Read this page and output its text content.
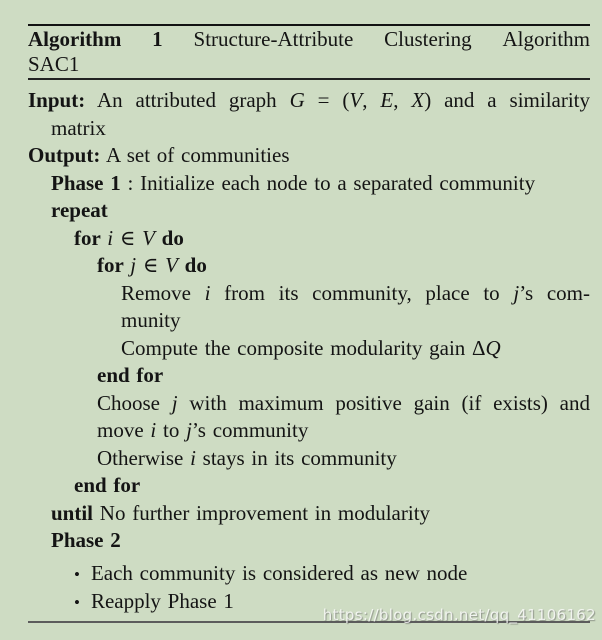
Algorithm 1 Structure-Attribute Clustering Algorithm
SAC1
Input: An attributed graph G = (V, E, X) and a similarity
matrix
Output: A set of communities
Phase 1 : Initialize each node to a separated community
repeat
for i ∈ V do
for j ∈ V do
Remove i from its community, place to j’s com-
munity
Compute the composite modularity gain ΔQ
end for
Choose j with maximum positive gain (if exists) and
move i to j’s community
Otherwise i stays in its community
end for
until No further improvement in modularity
Phase 2
• Each community is considered as new node
• Reapply Phase 1
https://blog.csdn.net/qq_41106162
